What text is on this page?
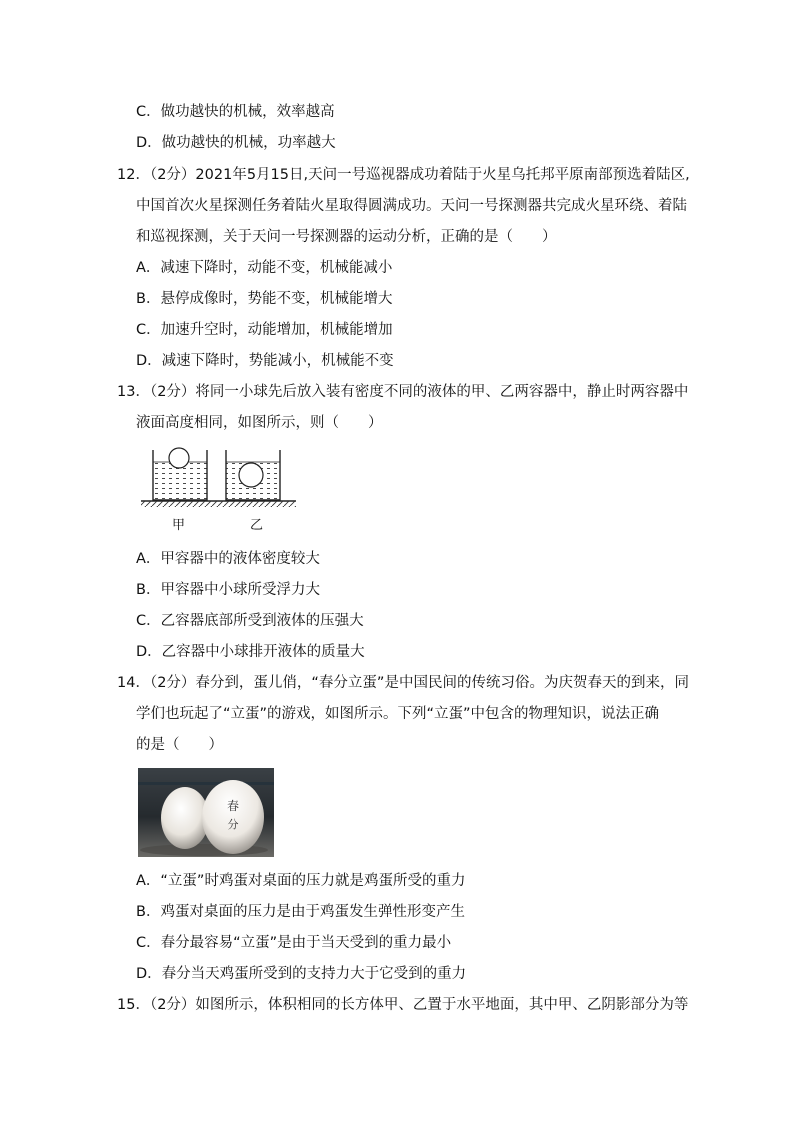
C．做功越快的机械，效率越高
D．做功越快的机械，功率越大
12．（2分）2021年5月15日,天问一号巡视器成功着陆于火星乌托邦平原南部预选着陆区,
中国首次火星探测任务着陆火星取得圆满成功。天问一号探测器共完成火星环绕、着陆
和巡视探测，关于天问一号探测器的运动分析，正确的是（　　）
A．减速下降时，动能不变，机械能减小
B．悬停成像时，势能不变，机械能增大
C．加速升空时，动能增加，机械能增加
D．减速下降时，势能减小，机械能不变
13．（2分）将同一小球先后放入装有密度不同的液体的甲、乙两容器中，静止时两容器中
液面高度相同，如图所示，则（　　）
甲	乙
A．甲容器中的液体密度较大
B．甲容器中小球所受浮力大
C．乙容器底部所受到液体的压强大
D．乙容器中小球排开液体的质量大
14．（2分）春分到，蛋儿俏，“春分立蛋”是中国民间的传统习俗。为庆贺春天的到来，同
学们也玩起了“立蛋”的游戏，如图所示。下列“立蛋”中包含的物理知识，说法正确
的是（　　）
春
分
A．“立蛋”时鸡蛋对桌面的压力就是鸡蛋所受的重力
B．鸡蛋对桌面的压力是由于鸡蛋发生弹性形变产生
C．春分最容易“立蛋”是由于当天受到的重力最小
D．春分当天鸡蛋所受到的支持力大于它受到的重力
15．（2分）如图所示，体积相同的长方体甲、乙置于水平地面，其中甲、乙阴影部分为等
